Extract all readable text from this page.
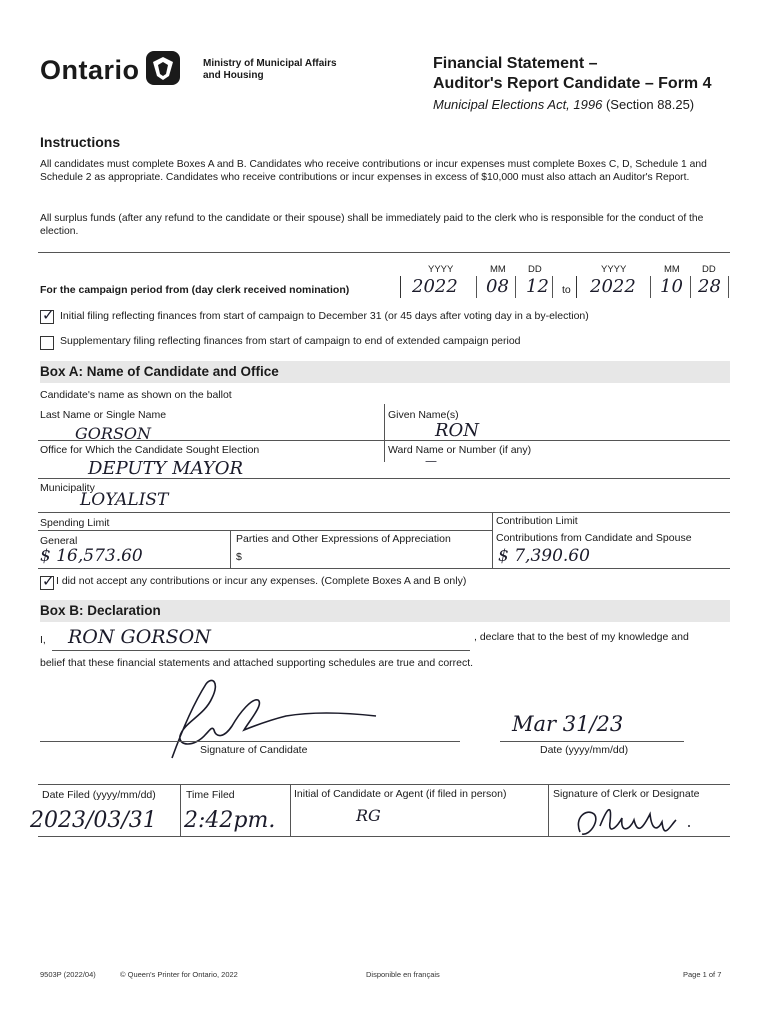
Ontario	Ministry of Municipal Affairs
and Housing
Financial Statement –
Auditor's Report Candidate – Form 4
Municipal Elections Act, 1996 (Section 88.25)
Instructions
All candidates must complete Boxes A and B. Candidates who receive contributions or incur expenses must complete Boxes C, D, Schedule 1 and Schedule 2 as appropriate. Candidates who receive contributions or incur expenses in excess of $10,000 must also attach an Auditor's Report.
All surplus funds (after any refund to the candidate or their spouse) shall be immediately paid to the clerk who is responsible for the conduct of the election.
YYYY	MM DD	YYYY	MM DD
For the campaign period from (day clerk received nomination)	2022 08 12 to 2022 10 28
✓ Initial filing reflecting finances from start of campaign to December 31 (or 45 days after voting day in a by-election)
Supplementary filing reflecting finances from start of campaign to end of extended campaign period
Box A: Name of Candidate and Office
Candidate's name as shown on the ballot
Last Name or Single Name
GORSON
Given Name(s)
RON
Office for Which the Candidate Sought Election
DEPUTY MAYOR
Ward Name or Number (if any)
—
Municipality
LOYALIST
Spending Limit	Contribution Limit
General
$ 16,573.60
Parties and Other Expressions of Appreciation
$
Contributions from Candidate and Spouse
$ 7,390.60
✓ I did not accept any contributions or incur any expenses. (Complete Boxes A and B only)
Box B: Declaration
I, RON GORSON	, declare that to the best of my knowledge and
belief that these financial statements and attached supporting schedules are true and correct.
Signature of Candidate
Mar 31/23
Date (yyyy/mm/dd)
Date Filed (yyyy/mm/dd)
2023/03/31
Time Filed
2:42pm.
Initial of Candidate or Agent (if filed in person)
RG
Signature of Clerk or Designate
9503P (2022/04)	© Queen's Printer for Ontario, 2022	Disponible en français	Page 1 of 7
